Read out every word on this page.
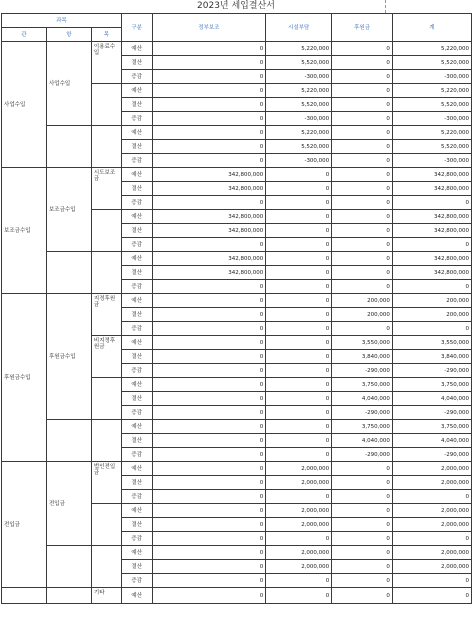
2023년 세입결산서
과목			구분	정부보조	시설부담	후원금	계
관	항	목					
사업수입	사업수입	이용료수입	예산	0	5,220,000	0	5,220,000
			결산	0	5,520,000	0	5,520,000
			증감	0	-300,000	0	-300,000
			예산	0	5,220,000	0	5,220,000
			결산	0	5,520,000	0	5,520,000
			증감	0	-300,000	0	-300,000
			예산	0	5,220,000	0	5,220,000
			결산	0	5,520,000	0	5,520,000
			증감	0	-300,000	0	-300,000
보조금수입	보조금수입	시도보조금	예산	342,800,000	0	0	342,800,000
			결산	342,800,000	0	0	342,800,000
			증감	0	0	0	0
			예산	342,800,000	0	0	342,800,000
			결산	342,800,000	0	0	342,800,000
			증감	0	0	0	0
			예산	342,800,000	0	0	342,800,000
			결산	342,800,000	0	0	342,800,000
			증감	0	0	0	0
후원금수입	후원금수입	지정후원금	예산	0	0	200,000	200,000
			결산	0	0	200,000	200,000
			증감	0	0	0	0
		비지정후원금	예산	0	0	3,550,000	3,550,000
			결산	0	0	3,840,000	3,840,000
			증감	0	0	-290,000	-290,000
			예산	0	0	3,750,000	3,750,000
			결산	0	0	4,040,000	4,040,000
			증감	0	0	-290,000	-290,000
			예산	0	0	3,750,000	3,750,000
			결산	0	0	4,040,000	4,040,000
			증감	0	0	-290,000	-290,000
전입금	전입금	법인전입금	예산	0	2,000,000	0	2,000,000
			결산	0	2,000,000	0	2,000,000
			증감	0	0	0	0
			예산	0	2,000,000	0	2,000,000
			결산	0	2,000,000	0	2,000,000
			증감	0	0	0	0
			예산	0	2,000,000	0	2,000,000
			결산	0	2,000,000	0	2,000,000
			증감	0	0	0	0
		기타	예산	0	0	0	0
